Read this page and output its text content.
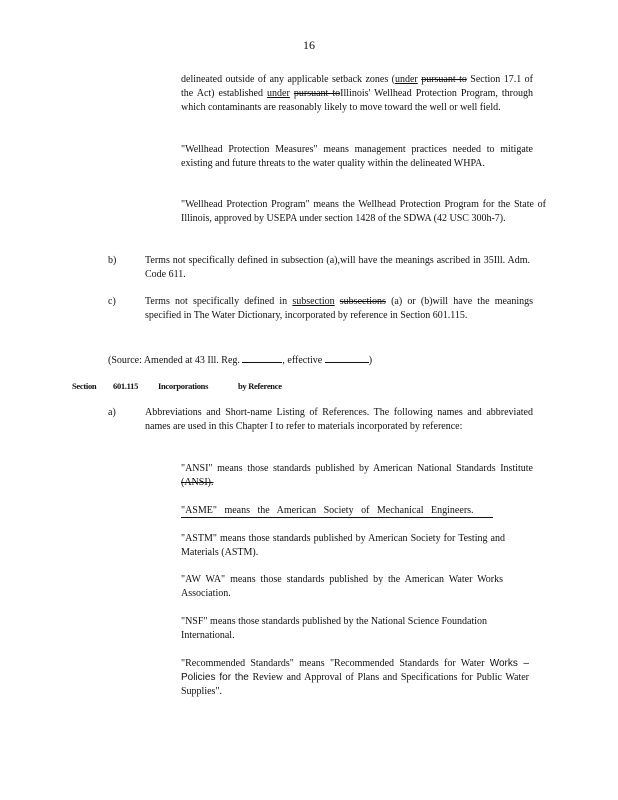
16
delineated outside of any applicable setback zones (under pursuant to Section 17.1 of the Act) established under pursuant toIllinois' Wellhead Protection Program, through which contaminants are reasonably likely to move toward the well or well field.
"Wellhead Protection Measures" means management practices needed to mitigate existing and future threats to the water quality within the delineated WHPA.
"Wellhead Protection Program" means the Wellhead Protection Program for the State of Illinois, approved by USEPA under section 1428 of the SDWA (42 USC 300h-7).
b)	Terms not specifically defined in subsection (a),will have the meanings ascribed in 35Ill. Adm. Code 611.
c)	Terms not specifically defined in subsection subsections (a) or (b)will have the meanings specified in The Water Dictionary, incorporated by reference in Section 601.115.
(Source: Amended at 43 Ill. Reg.	, effective	)
Section 601.115 Incorporations	by Reference
a)	Abbreviations and Short-name Listing of References. The following names and abbreviated names are used in this Chapter I to refer to materials incorporated by reference:
"ANSI" means those standards published by American National Standards Institute (ANSI).
"ASME" means the American Society of Mechanical Engineers.
"ASTM" means those standards published by American Society for Testing and Materials (ASTM).
"AW WA" means those standards published by the American Water Works Association.
"NSF" means those standards published by the National Science Foundation International.
"Recommended Standards" means "Recommended Standards for Water Works – Policies for the Review and Approval of Plans and Specifications for Public Water Supplies".
